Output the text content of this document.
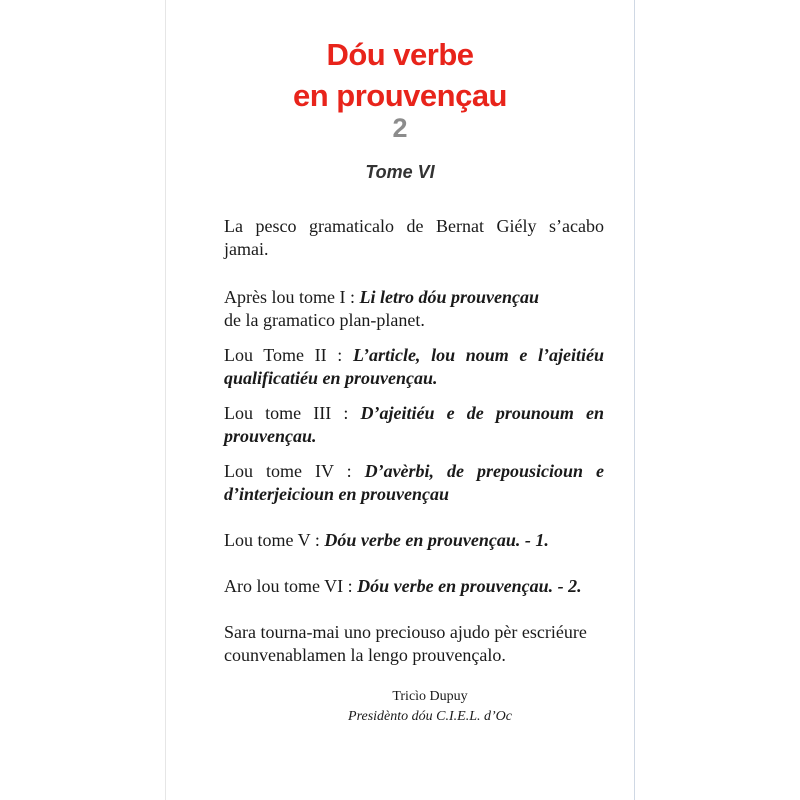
Dóu verbe
en prouvençau
2
Tome VI

La pesco gramaticalo de Bernat Giély s’acabo jamai.

Après lou tome I : Li letro dóu prouvençau
de la gramatico plan-planet.

Lou Tome II : L’article, lou noum e l’ajeitiéu qualificatiéu en prouvençau.

Lou tome III : D’ajeitiéu e de prounoum en prouvençau.

Lou tome IV : D’avèrbi, de prepousicioun e d’interjeicioun en prouvençau

Lou tome V : Dóu verbe en prouvençau. - 1.

Aro lou tome VI : Dóu verbe en prouvençau. - 2.

Sara tourna-mai uno preciouso ajudo pèr escriéure counvenablamen la lengo prouvençalo.

Tricìo Dupuy
Presidènto dóu C.I.E.L. d’Oc
